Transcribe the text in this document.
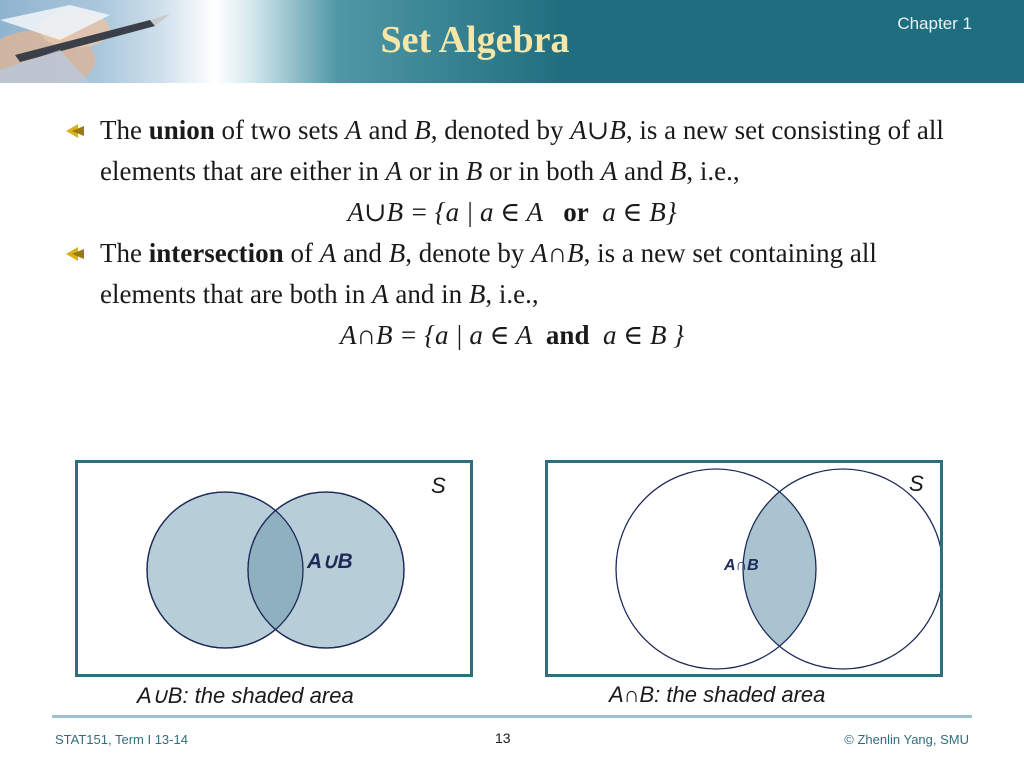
Set Algebra	Chapter 1
The union of two sets A and B, denoted by A∪B, is a new set consisting of all elements that are either in A or in B or in both A and B, i.e.,

A∪B = {a | a ∈ A or a ∈ B}

The intersection of A and B, denote by A∩B, is a new set containing all elements that are both in A and in B, i.e.,

A∩B = {a | a ∈ A and a ∈ B }

S
A∪B
A∪B: the shaded area
S
A∩B
A∩B: the shaded area
STAT151, Term I 13-14	13	© Zhenlin Yang, SMU
